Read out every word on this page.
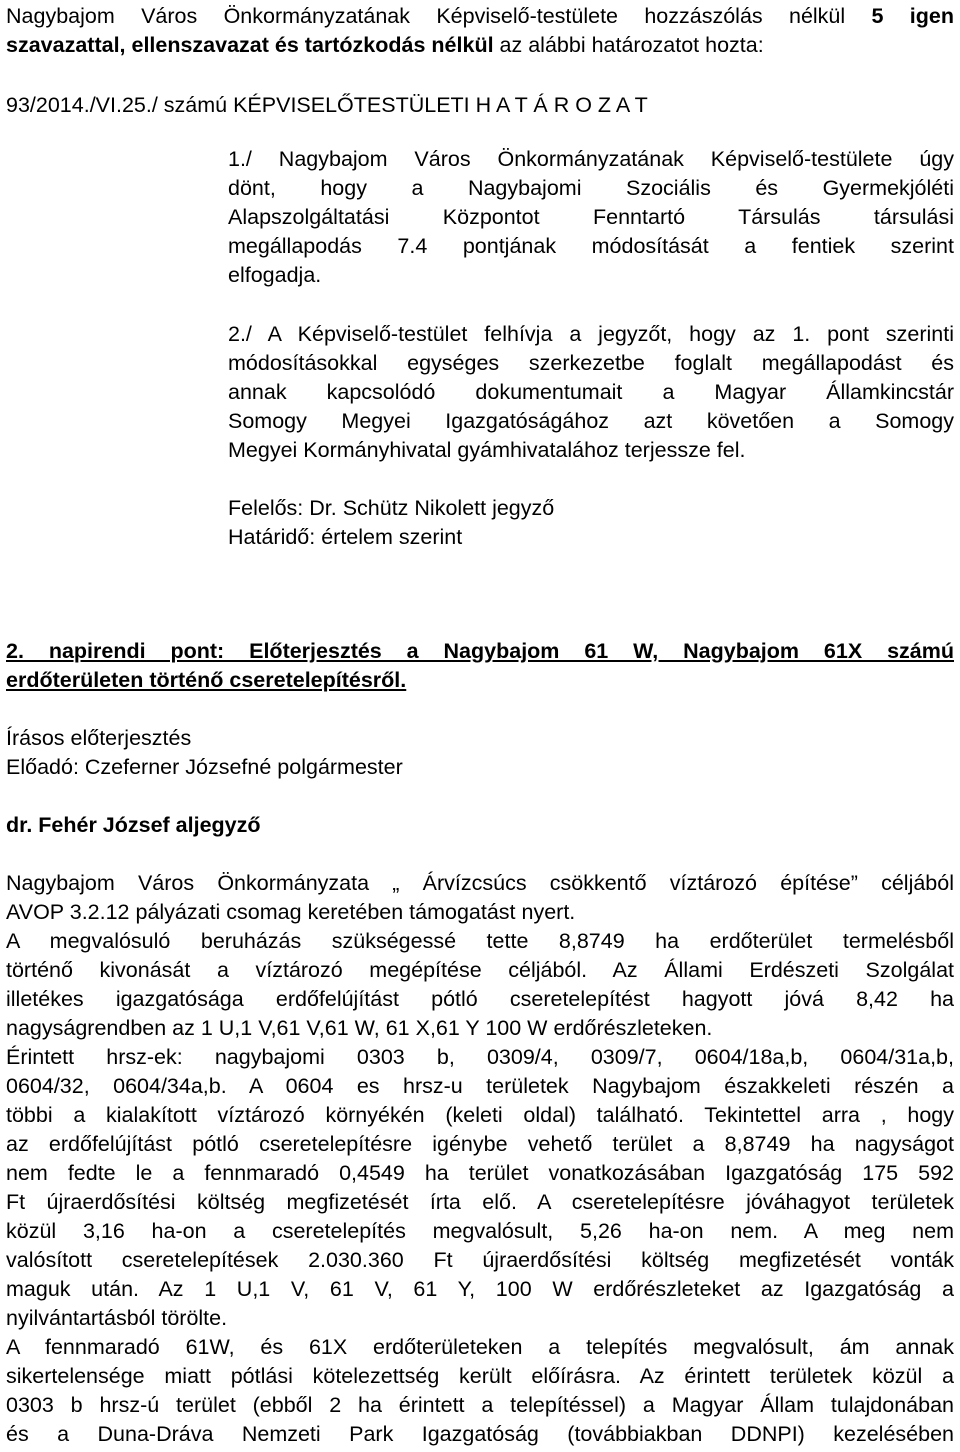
Nagybajom Város Önkormányzatának Képviselő-testülete hozzászólás nélkül 5 igen
szavazattal, ellenszavazat és tartózkodás nélkül az alábbi határozatot hozta:
93/2014./VI.25./ számú KÉPVISELŐTESTÜLETI H A T Á R O Z A T
1./ Nagybajom Város Önkormányzatának Képviselő-testülete úgy
dönt, hogy a Nagybajomi Szociális és Gyermekjóléti
Alapszolgáltatási Központot Fenntartó Társulás társulási
megállapodás 7.4 pontjának módosítását a fentiek szerint
elfogadja.
2./ A Képviselő-testület felhívja a jegyzőt, hogy az 1. pont szerinti
módosításokkal egységes szerkezetbe foglalt megállapodást és
annak kapcsolódó dokumentumait a Magyar Államkincstár
Somogy Megyei Igazgatóságához azt követően a Somogy
Megyei Kormányhivatal gyámhivatalához terjessze fel.
Felelős: Dr. Schütz Nikolett jegyző
Határidő: értelem szerint
2. napirendi pont: Előterjesztés a Nagybajom 61 W, Nagybajom 61X számú
erdőterületen történő cseretelepítésről.
Írásos előterjesztés
Előadó: Czeferner Józsefné polgármester
dr. Fehér József aljegyző
Nagybajom Város Önkormányzata „ Árvízcsúcs csökkentő víztározó építése” céljából
AVOP 3.2.12 pályázati csomag keretében támogatást nyert.
A megvalósuló beruházás szükségessé tette 8,8749 ha erdőterület termelésből
történő kivonását a víztározó megépítése céljából. Az Állami Erdészeti Szolgálat
illetékes igazgatósága erdőfelújítást pótló cseretelepítést hagyott jóvá 8,42 ha
nagyságrendben az 1 U,1 V,61 V,61 W, 61 X,61 Y 100 W erdőrészleteken.
Érintett hrsz-ek: nagybajomi 0303 b, 0309/4, 0309/7, 0604/18a,b, 0604/31a,b,
0604/32, 0604/34a,b. A 0604 es hrsz-u területek Nagybajom északkeleti részén a
többi a kialakított víztározó környékén (keleti oldal) található. Tekintettel arra , hogy
az erdőfelújítást pótló cseretelepítésre igénybe vehető terület a 8,8749 ha nagyságot
nem fedte le a fennmaradó 0,4549 ha terület vonatkozásában Igazgatóság 175 592
Ft újraerdősítési költség megfizetését írta elő. A cseretelepítésre jóváhagyot területek
közül 3,16 ha-on a cseretelepítés megvalósult, 5,26 ha-on nem. A meg nem
valósított cseretelepítések 2.030.360 Ft újraerdősítési költség megfizetését vonták
maguk után. Az 1 U,1 V, 61 V, 61 Y, 100 W erdőrészleteket az Igazgatóság a
nyilvántartásból törölte.
A fennmaradó 61W, és 61X erdőterületeken a telepítés megvalósult, ám annak
sikertelensége miatt pótlási kötelezettség került előírásra. Az érintett területek közül a
0303 b hrsz-ú terület (ebből 2 ha érintett a telepítéssel) a Magyar Állam tulajdonában
és a Duna-Dráva Nemzeti Park Igazgatóság (továbbiakban DDNPI) kezelésében
